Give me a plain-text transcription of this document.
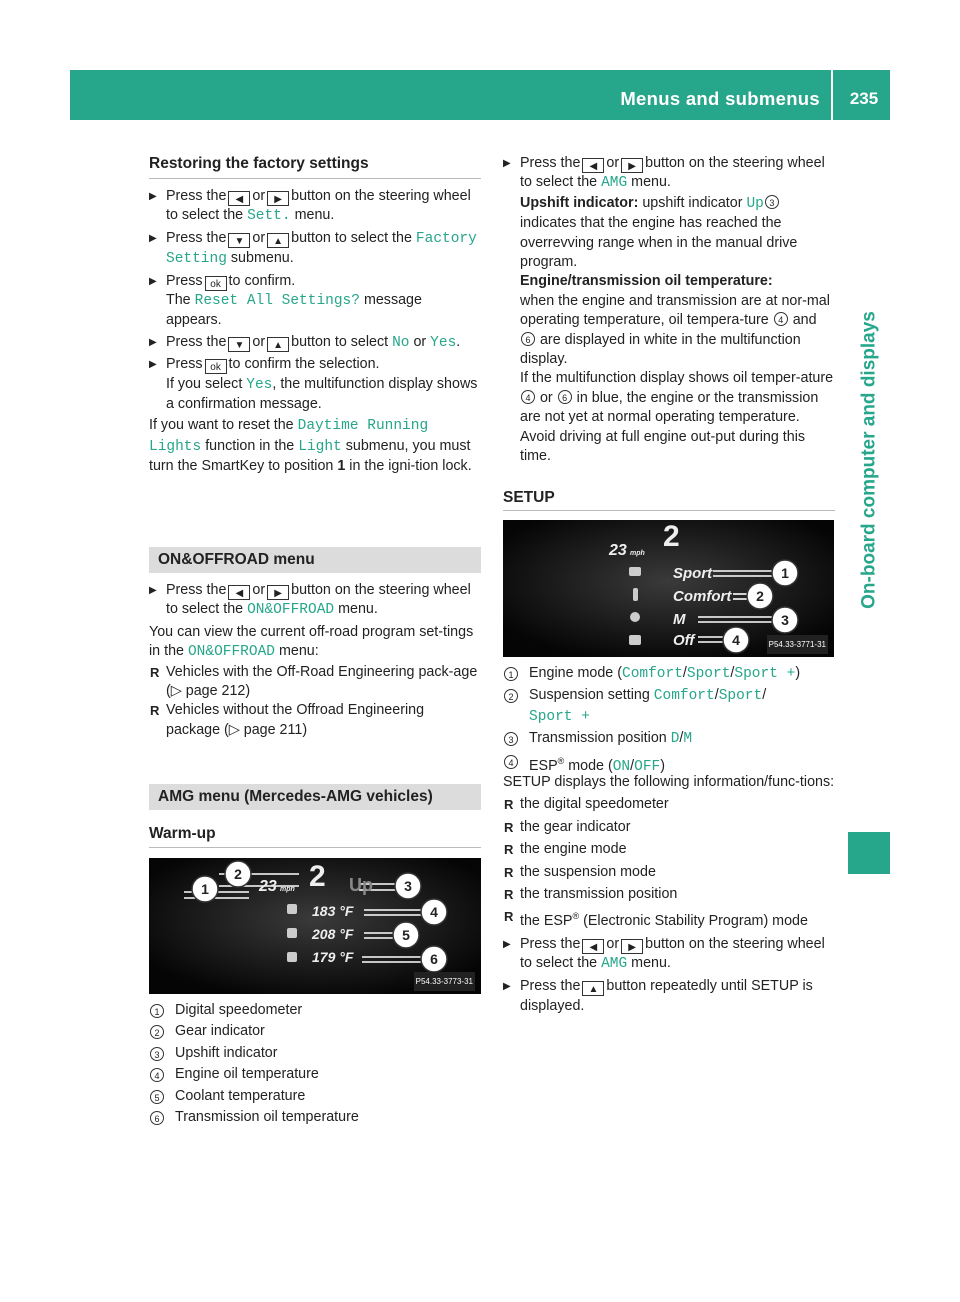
Menus and submenus	235
On-board computer and displays
Restoring the factory settings
▶ Press the ◀ or ▶ button on the steering wheel to select the Sett. menu.
▶ Press the ▼ or ▲ button to select the Factory Setting submenu.
▶ Press ok to confirm.
The Reset All Settings? message appears.
▶ Press the ▼ or ▲ button to select No or Yes.
▶ Press ok to confirm the selection.
If you select Yes, the multifunction display shows a confirmation message.
If you want to reset the Daytime Running Lights function in the Light submenu, you must turn the SmartKey to position 1 in the igni-tion lock.
ON&OFFROAD menu
▶ Press the ◀ or ▶ button on the steering wheel to select the ON&OFFROAD menu.
You can view the current off-road program set-tings in the ON&OFFROAD menu:
R Vehicles with the Off-Road Engineering pack-age (▷ page 212)
R Vehicles without the Offroad Engineering package (▷ page 211)
AMG menu (Mercedes-AMG vehicles)
Warm-up
1
2
3
4
5
6
23 mph 2 Up
183 °F
208 °F
179 °F
P54.33-3773-31
1	Digital speedometer
2	Gear indicator
3	Upshift indicator
4	Engine oil temperature
5	Coolant temperature
6	Transmission oil temperature
▶ Press the ◀ or ▶ button on the steering wheel to select the AMG menu.
Upshift indicator: upshift indicator Up 3
indicates that the engine has reached the overrevving range when in the manual drive program.
Engine/transmission oil temperature:
when the engine and transmission are at nor-mal operating temperature, oil tempera-ture 4 and 6 are displayed in white in the multifunction display.
If the multifunction display shows oil temper-ature 4 or 6 in blue, the engine or the transmission are not yet at normal operating temperature. Avoid driving at full engine out-put during this time.
SETUP
1
2
3
4
23 mph
2
Sport
Comfort
M
Off	P54.33-3771-31
1	Engine mode (Comfort/Sport/Sport +)
2	Suspension setting Comfort/Sport/
Sport +
3	Transmission position D/M
4	ESP® mode (ON/OFF)
SETUP displays the following information/func-tions:
R the digital speedometer
R the gear indicator
R the engine mode
R the suspension mode
R the transmission position
R the ESP® (Electronic Stability Program) mode
▶ Press the ◀ or ▶ button on the steering wheel to select the AMG menu.
▶ Press the ▲ button repeatedly until SETUP is displayed.
